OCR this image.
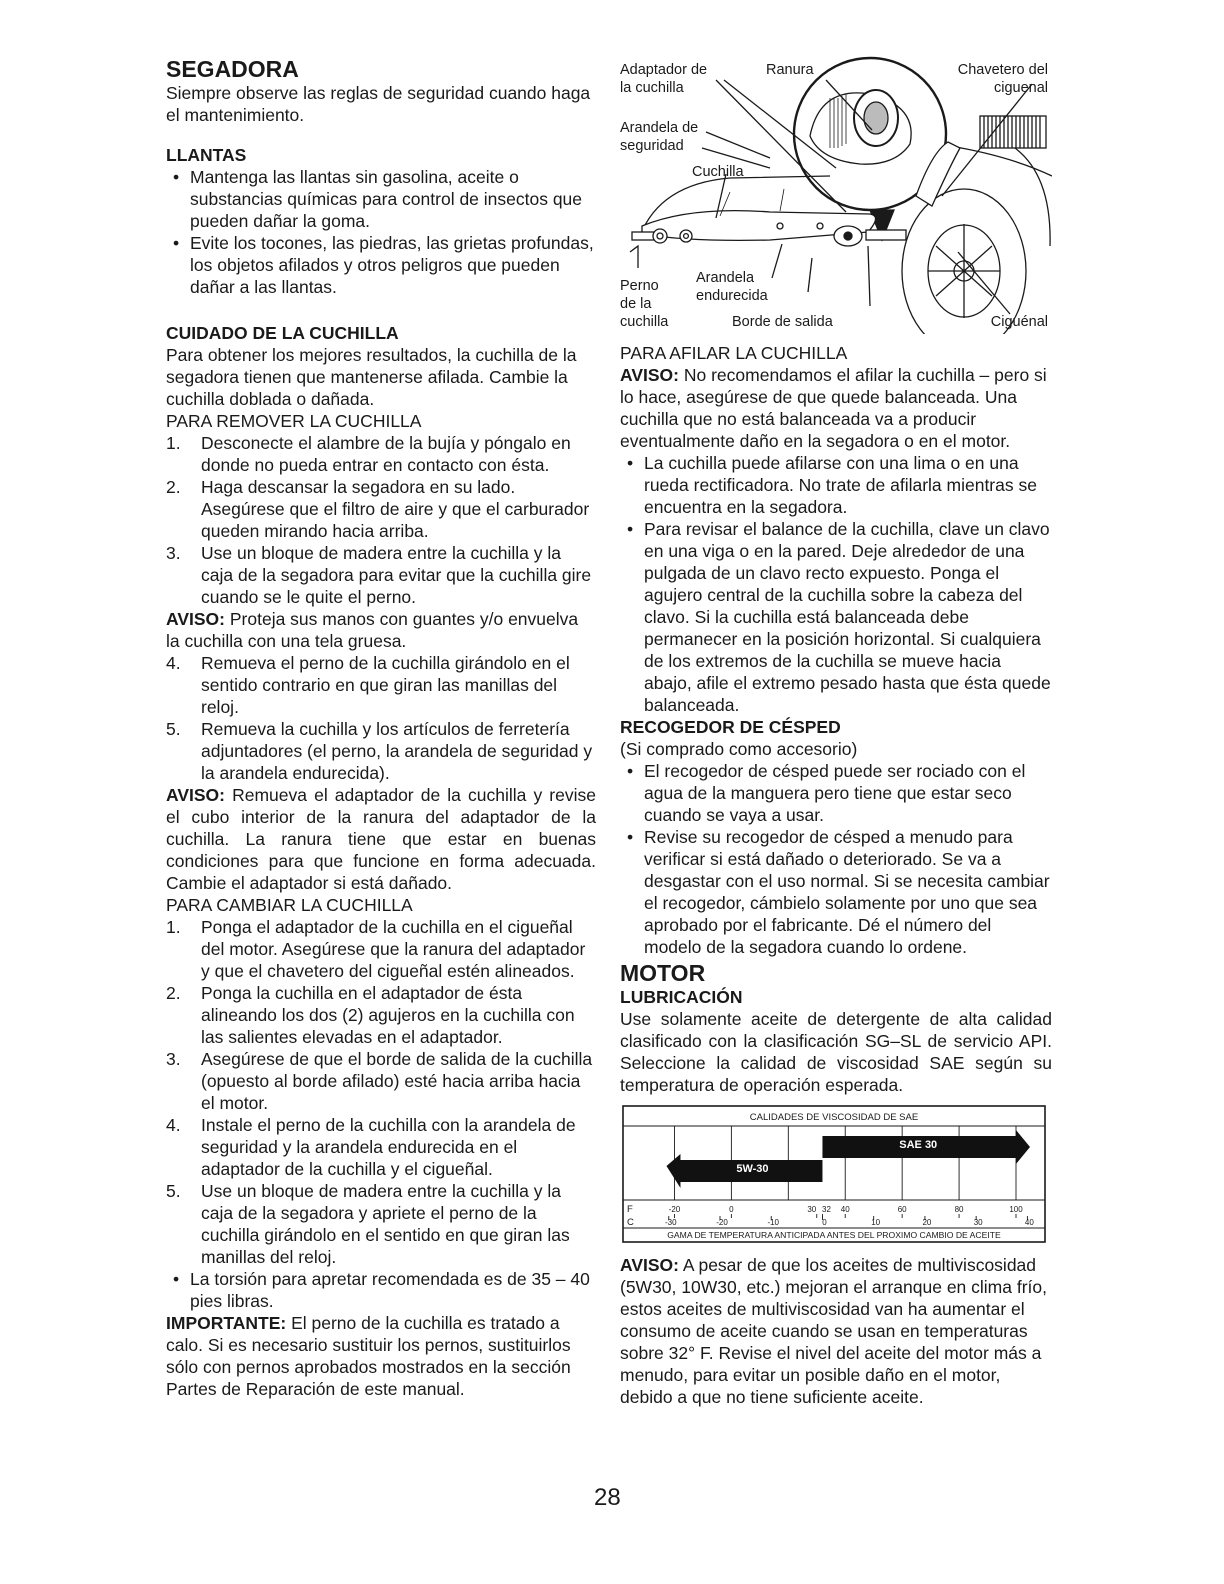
SEGADORA

Siempre observe las reglas de seguridad cuando haga el mantenimiento.

LLANTAS
• Mantenga las llantas sin gasolina, aceite o substancias químicas para control de insectos que pueden dañar la goma.
• Evite los tocones, las piedras, las grietas profundas, los objetos afilados y otros peligros que pueden dañar a las llantas.
CUIDADO DE LA CUCHILLA

Para obtener los mejores resultados, la cuchilla de la segadora tienen que mantenerse afilada. Cambie la cuchilla doblada o dañada.

PARA REMOVER LA CUCHILLA

1. Desconecte el alambre de la bujía y póngalo en donde no pueda entrar en contacto con ésta.
2. Haga descansar la segadora en su lado. Asegúrese que el filtro de aire y que el carburador queden mirando hacia arriba.
3. Use un bloque de madera entre la cuchilla y la caja de la segadora para evitar que la cuchilla gire cuando se le quite el perno.

AVISO: Proteja sus manos con guantes y/o envuelva la cuchilla con una tela gruesa.

4. Remueva el perno de la cuchilla girándolo en el sentido contrario en que giran las manillas del reloj.
5. Remueva la cuchilla y los artículos de ferretería adjuntadores (el perno, la arandela de seguridad y la arandela endurecida).

AVISO: Remueva el adaptador de la cuchilla y revise el cubo interior de la ranura del adaptador de la cuchilla. La ranura tiene que estar en buenas condiciones para que funcione en forma adecuada. Cambie el adaptador si está dañado.

PARA CAMBIAR LA CUCHILLA

1. Ponga el adaptador de la cuchilla en el cigueñal del motor. Asegúrese que la ranura del adaptador y que el chavetero del cigueñal estén alineados.
2. Ponga la cuchilla en el adaptador de ésta alineando los dos (2) agujeros en la cuchilla con las salientes elevadas en el adaptador.
3. Asegúrese de que el borde de salida de la cuchilla (opuesto al borde afilado) esté hacia arriba hacia el motor.
4. Instale el perno de la cuchilla con la arandela de seguridad y la arandela endurecida en el adaptador de la cuchilla y el cigueñal.
5. Use un bloque de madera entre la cuchilla y la caja de la segadora y apriete el perno de la cuchilla girándolo en el sentido en que giran las manillas del reloj.
• La torsión para apretar recomendada es de 35 – 40 pies libras.

IMPORTANTE: El perno de la cuchilla es tratado a calo. Si es necesario sustituir los pernos, sustituirlos sólo con pernos aprobados mostrados en la sección Partes de Reparación de este manual.

Adaptador de
la cuchilla
Ranura	Chavetero del
ciguenal
Arandela de
seguridad
Cuchilla
Perno
de la
cuchilla
Arandela
endurecida
Borde de salida	Ciguénal

PARA AFILAR LA CUCHILLA

AVISO: No recomendamos el afilar la cuchilla – pero si lo hace, asegúrese de que quede balanceada. Una cuchilla que no está balanceada va a producir eventualmente daño en la segadora o en el motor.

• La cuchilla puede afilarse con una lima o en una rueda rectificadora. No trate de afilarla mientras se encuentra en la segadora.
• Para revisar el balance de la cuchilla, clave un clavo en una viga o en la pared. Deje alrededor de una pulgada de un clavo recto expuesto. Ponga el agujero central de la cuchilla sobre la cabeza del clavo. Si la cuchilla está balanceada debe permanecer en la posición horizontal. Si cualquiera de los extremos de la cuchilla se mueve hacia abajo, afile el extremo pesado hasta que ésta quede balanceada.
RECOGEDOR DE CÉSPED

(Si comprado como accesorio)

• El recogedor de césped puede ser rociado con el agua de la manguera pero tiene que estar seco cuando se vaya a usar.
• Revise su recogedor de césped a menudo para verificar si está dañado o deteriorado. Se va a desgastar con el uso normal. Si se necesita cambiar el recogedor, cámbielo solamente por uno que sea aprobado por el fabricante. Dé el número del modelo de la segadora cuando lo ordene.
MOTOR
LUBRICACIÓN

Use solamente aceite de detergente de alta calidad clasificado con la clasificación SG–SL de servicio API. Seleccione la calidad de viscosidad SAE según su temperatura de operación esperada.

CALIDADES DE VISCOSIDAD DE SAE
5W-30
SAE 30
F
C
-20	0	30 32 40	60	80	100
-30	-20	-10	0	10	20	30	40
GAMA DE TEMPERATURA ANTICIPADA ANTES DEL PROXIMO CAMBIO DE ACEITE

AVISO: A pesar de que los aceites de multiviscosidad (5W30, 10W30, etc.) mejoran el arranque en clima frío, estos aceites de multiviscosidad van ha aumentar el consumo de aceite cuando se usan en temperaturas sobre 32° F. Revise el nivel del aceite del motor más a menudo, para evitar un posible daño en el motor, debido a que no tiene suficiente aceite.

28
